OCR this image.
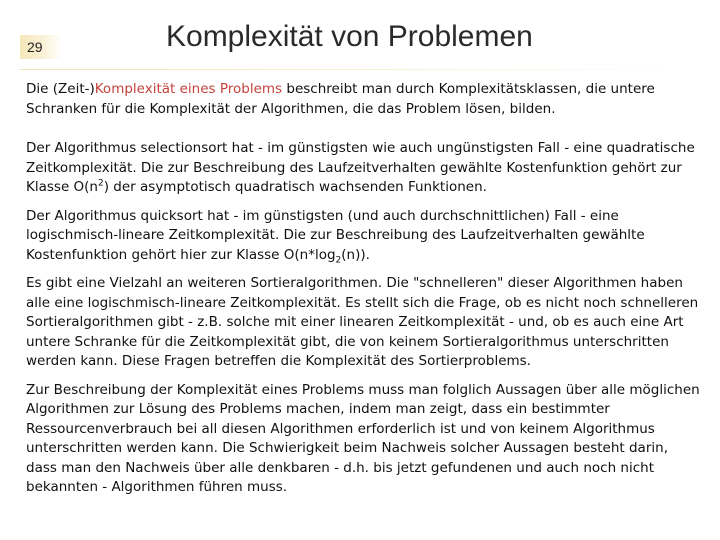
29	Komplexität von Problemen

Die (Zeit-)Komplexität eines Problems beschreibt man durch Komplexitätsklassen, die untere Schranken für die Komplexität der Algorithmen, die das Problem lösen, bilden.

Der Algorithmus selectionsort hat - im günstigsten wie auch ungünstigsten Fall - eine quadratische Zeitkomplexität. Die zur Beschreibung des Laufzeitverhalten gewählte Kostenfunktion gehört zur Klasse $O(n^2)$ der asymptotisch quadratisch wachsenden Funktionen.

Der Algorithmus quicksort hat - im günstigsten (und auch durchschnittlichen) Fall - eine logischmisch-lineare Zeitkomplexität. Die zur Beschreibung des Laufzeitverhalten gewählte Kostenfunktion gehört hier zur Klasse $O(n*\log_2(n))$.

Es gibt eine Vielzahl an weiteren Sortieralgorithmen. Die "schnelleren" dieser Algorithmen haben alle eine logischmisch-lineare Zeitkomplexität. Es stellt sich die Frage, ob es nicht noch schnelleren Sortieralgorithmen gibt - z.B. solche mit einer linearen Zeitkomplexität - und, ob es auch eine Art untere Schranke für die Zeitkomplexität gibt, die von keinem Sortieralgorithmus unterschritten werden kann. Diese Fragen betreffen die Komplexität des Sortierproblems.

Zur Beschreibung der Komplexität eines Problems muss man folglich Aussagen über alle möglichen Algorithmen zur Lösung des Problems machen, indem man zeigt, dass ein bestimmter Ressourcenverbrauch bei all diesen Algorithmen erforderlich ist und von keinem Algorithmus unterschritten werden kann. Die Schwierigkeit beim Nachweis solcher Aussagen besteht darin, dass man den Nachweis über alle denkbaren - d.h. bis jetzt gefundenen und auch noch nicht bekannten - Algorithmen führen muss.
